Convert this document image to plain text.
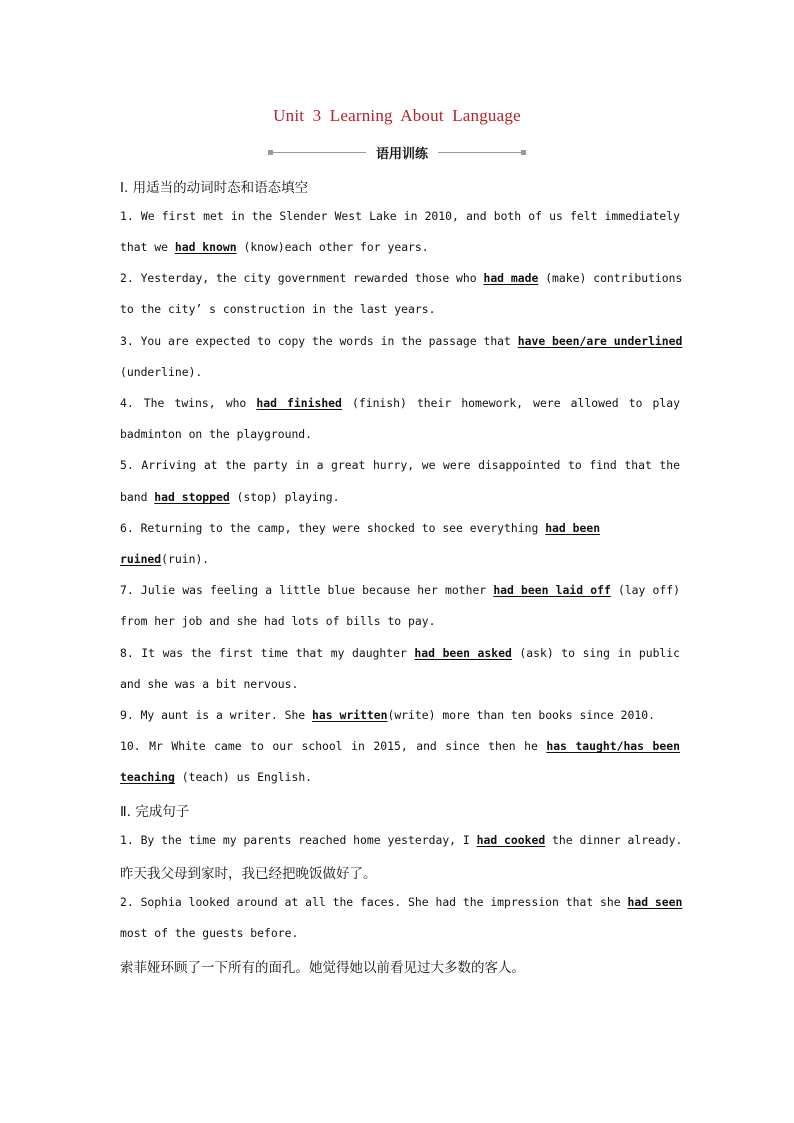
Unit 3 Learning About Language
语用训练
Ⅰ. 用适当的动词时态和语态填空
1. We first met in the Slender West Lake in 2010, and both of us felt immediately
that we had known (know)each other for years.
2. Yesterday, the city government rewarded those who had made (make) contributions
to the city’ s construction in the last years.
3. You are expected to copy the words in the passage that have been/are underlined
(underline).
4. The twins, who had finished (finish) their homework, were allowed to play
badminton on the playground.
5. Arriving at the party in a great hurry, we were disappointed to find that the
band had stopped (stop) playing.
6. Returning to the camp, they were shocked to see everything had been
ruined(ruin).
7. Julie was feeling a little blue because her mother had been laid off (lay off)
from her job and she had lots of bills to pay.
8. It was the first time that my daughter had been asked (ask) to sing in public
and she was a bit nervous.
9. My aunt is a writer. She has written(write) more than ten books since 2010.
10. Mr White came to our school in 2015, and since then he has taught/has been
teaching (teach) us English.
Ⅱ. 完成句子
1. By the time my parents reached home yesterday, I had cooked the dinner already.
昨天我父母到家时，我已经把晚饭做好了。
2. Sophia looked around at all the faces. She had the impression that she had seen
most of the guests before.
索菲娅环顾了一下所有的面孔。她觉得她以前看见过大多数的客人。
